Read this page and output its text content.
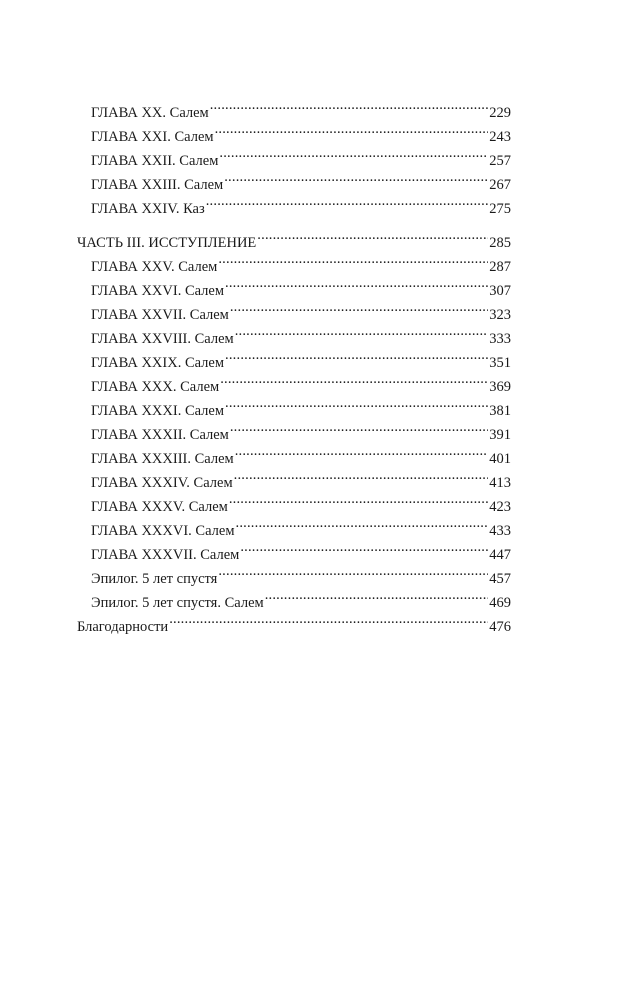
ГЛАВА XX. Салем .....	229
ГЛАВА XXI. Салем .....	243
ГЛАВА XXII. Салем .....	257
ГЛАВА XXIII. Салем .....	267
ГЛАВА XXIV. Каз .....	275
ЧАСТЬ III. ИССТУПЛЕНИЕ .....	285
ГЛАВА XXV. Салем .....	287
ГЛАВА XXVI. Салем .....	307
ГЛАВА XXVII. Салем .....	323
ГЛАВА XXVIII. Салем .....	333
ГЛАВА XXIX. Салем .....	351
ГЛАВА XXX. Салем .....	369
ГЛАВА XXXI. Салем .....	381
ГЛАВА XXXII. Салем .....	391
ГЛАВА XXXIII. Салем .....	401
ГЛАВА XXXIV. Салем .....	413
ГЛАВА XXXV. Салем .....	423
ГЛАВА XXXVI. Салем .....	433
ГЛАВА XXXVII. Салем .....	447
Эпилог. 5 лет спустя .....	457
Эпилог. 5 лет спустя. Салем .....	469
Благодарности .....	476
